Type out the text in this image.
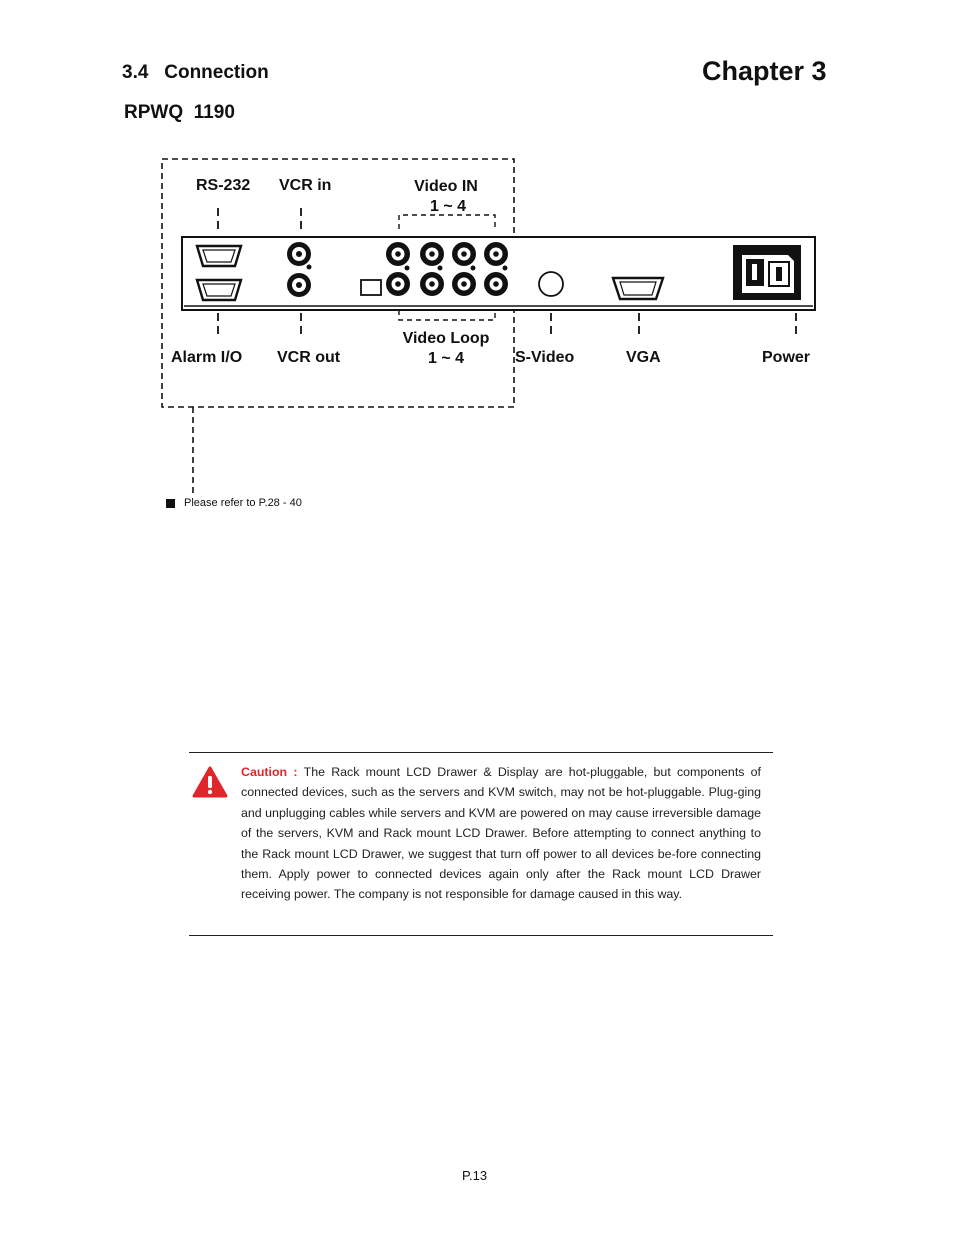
3.4   Connection	Chapter 3
RPWQ  1190
RS-232 VCR in	Video IN
1 ~ 4
Alarm I/O VCR out
Video Loop
1 ~ 4	S-Video	VGA	Power
Please refer to P.28 - 40
Caution : The Rack mount LCD Drawer & Display are hot-pluggable, but components of connected devices, such as the servers and KVM switch, may not be hot-pluggable. Plug-ging and unplugging cables while servers and KVM are powered on may cause irreversible damage of the servers, KVM and Rack mount LCD Drawer. Before attempting to connect anything to the Rack mount LCD Drawer, we suggest that turn off power to all devices be-fore connecting them. Apply power to connected devices again only after the Rack mount LCD Drawer receiving power. The company is not responsible for damage caused in this way.
P.13
